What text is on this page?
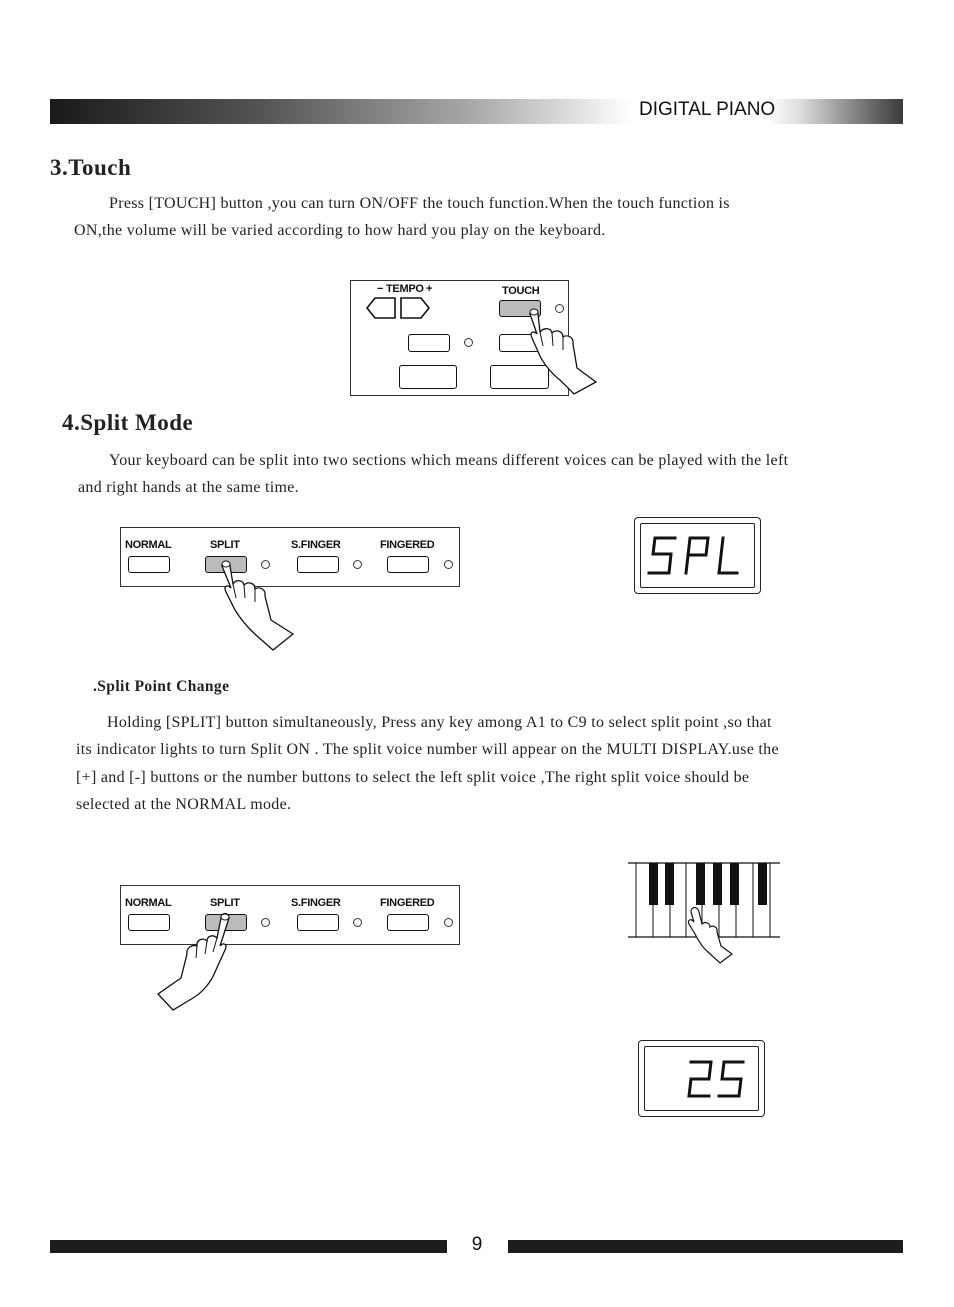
DIGITAL PIANO
3.Touch

Press [TOUCH] button ,you can turn ON/OFF the touch function.When the touch function is

ON,the volume will be varied according to how hard you play on the keyboard.

− TEMPO +	TOUCH
4.Split Mode

Your keyboard can be split into two sections which means different voices can be played with the left

and right hands at the same time.

NORMAL	SPLIT	S.FINGER	FINGERED
.Split Point Change

Holding [SPLIT] button simultaneously, Press any key among A1 to C9 to select split point ,so that

its indicator lights to turn Split ON . The split voice number will appear on the MULTI DISPLAY.use the

[+] and [-] buttons or the number buttons to select the left split voice ,The right split voice should be

selected at the NORMAL mode.

NORMAL	SPLIT	S.FINGER	FINGERED
9
